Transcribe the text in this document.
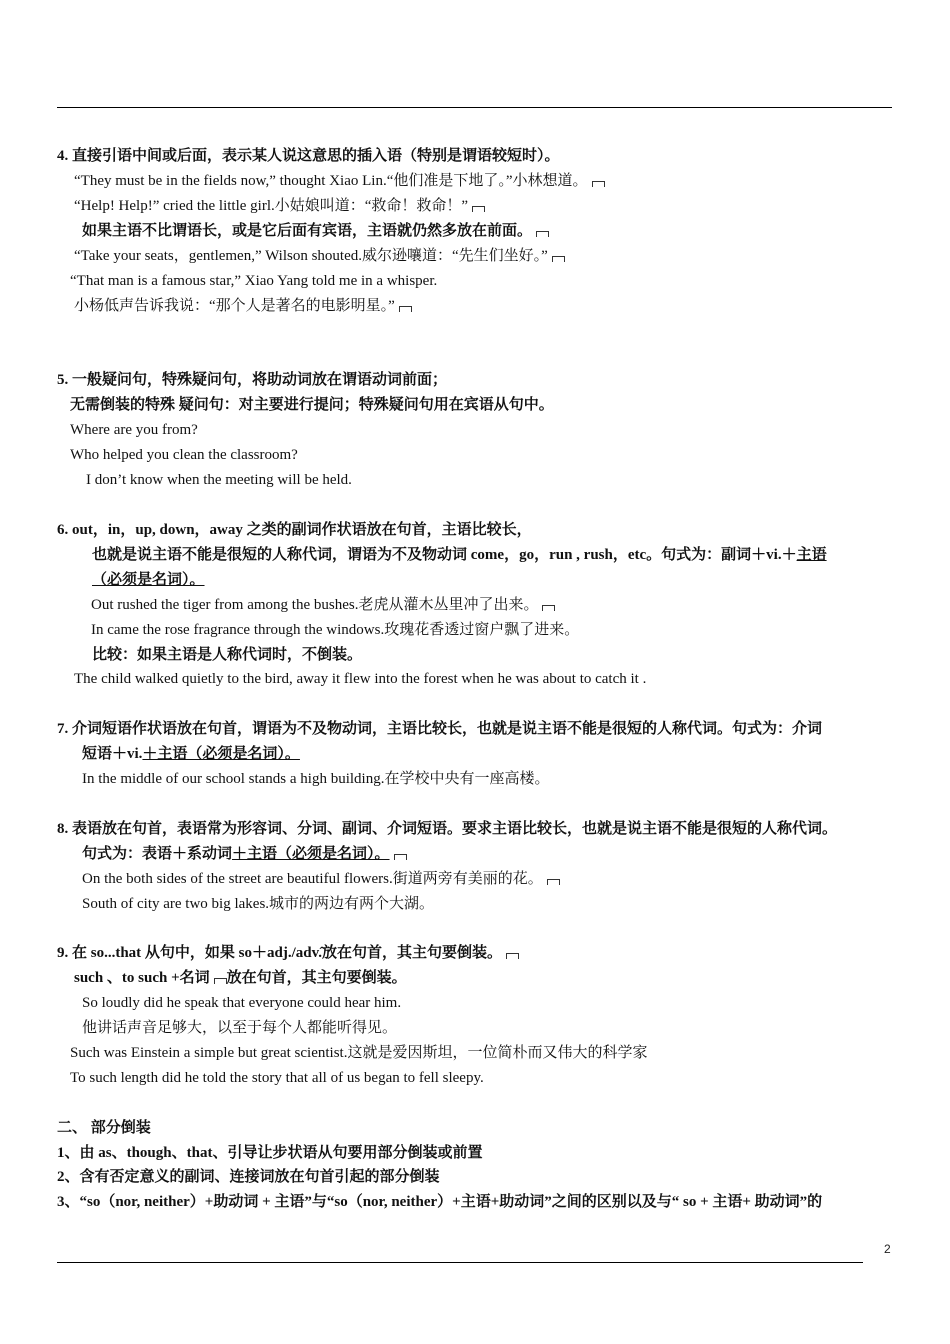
4. 直接引语中间或后面，表示某人说这意思的插入语（特别是谓语较短时）。
“They must be in the fields now,” thought Xiao Lin.“他们准是下地了。”小林想道。
“Help! Help!” cried the little girl.小姑娘叫道：“救命！救命！”
如果主语不比谓语长，或是它后面有宾语，主语就仍然多放在前面。
“Take your seats，gentlemen,” Wilson shouted.威尔逊嚷道：“先生们坐好。”
“That man is a famous star,” Xiao Yang told me in a whisper.
小杨低声告诉我说：“那个人是著名的电影明星。”
5. 一般疑问句，特殊疑问句，将助动词放在谓语动词前面；
无需倒装的特殊 疑问句：对主要进行提问；特殊疑问句用在宾语从句中。
Where are you from?
Who helped you clean the classroom?
I don’t know when the meeting will be held.
6. out，in，up, down，away 之类的副词作状语放在句首，主语比较长，
也就是说主语不能是很短的人称代词，谓语为不及物动词 come，go，run , rush，etc。句式为：副词＋vi.＋主语
（必须是名词）。
Out rushed the tiger from among the bushes.老虎从灌木丛里冲了出来。
In came the rose fragrance through the windows.玫瑰花香透过窗户飘了进来。
比较：如果主语是人称代词时，不倒装。
The child walked quietly to the bird, away it flew into the forest when he was about to catch it .
7. 介词短语作状语放在句首，谓语为不及物动词，主语比较长，也就是说主语不能是很短的人称代词。句式为：介词
短语＋vi.＋主语（必须是名词）。
In the middle of our school stands a high building.在学校中央有一座高楼。
8. 表语放在句首，表语常为形容词、分词、副词、介词短语。要求主语比较长，也就是说主语不能是很短的人称代词。
句式为：表语＋系动词＋主语（必须是名词）。
On the both sides of the street are beautiful flowers.街道两旁有美丽的花。
South of city are two big lakes.城市的两边有两个大湖。
9. 在 so...that 从句中，如果 so＋adj./adv.̂放在句首，其主句要倒装。
such 、to such +名词 放在句首，其主句要倒装。
So loudly did he speak that everyone could hear him.
他讲话声音足够大，以至于每个人都能听得见。
Such was Einstein a simple but great scientist.这就是爱因斯坦，一位简朴而又伟大的科学家
To such length did he told the story that all of us began to fell sleepy.
二、 部分倒装
1、由 as、though、that、引导让步状语从句要用部分倒装或前置
2、含有否定意义的副词、连接词放在句首引起的部分倒装
3、“so（nor, neither）+助动词 + 主语”与“so（nor, neither）+主语+助动词”之间的区别以及与“ so + 主语+ 助动词”的
2
